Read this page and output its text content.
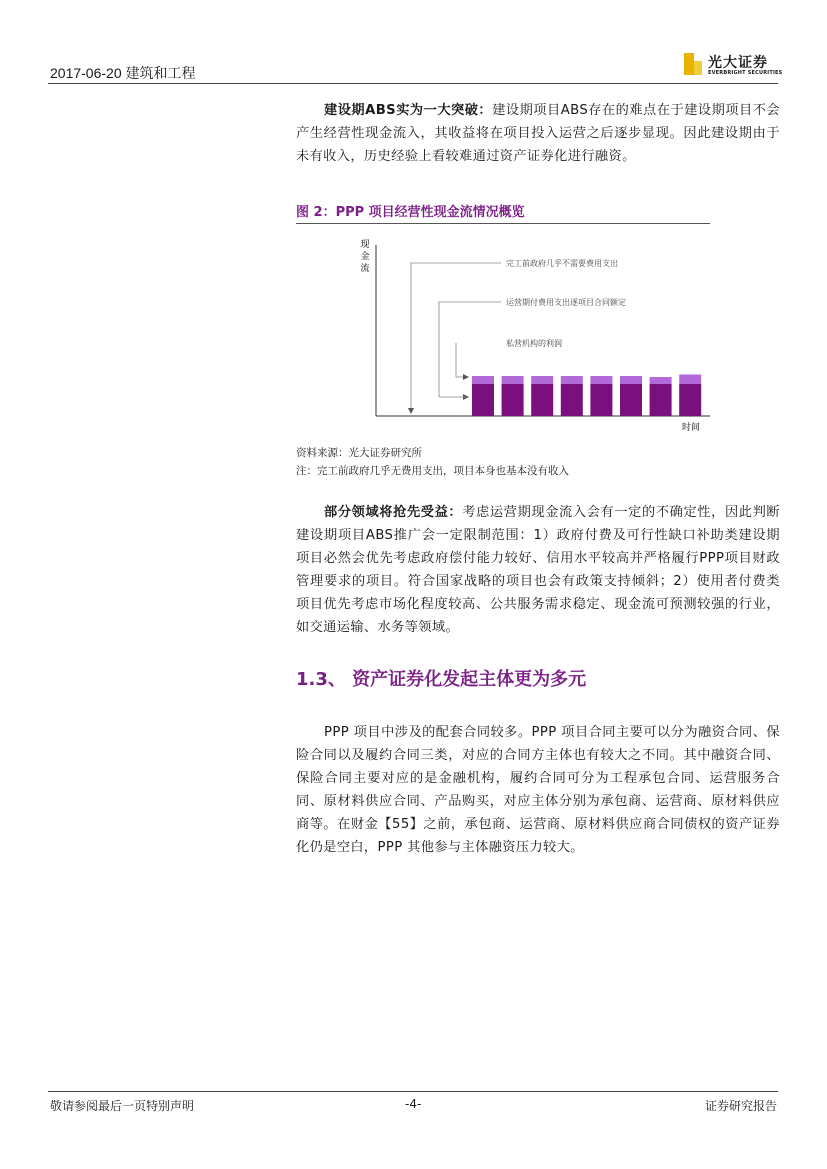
2017-06-20 建筑和工程
光大证券
EVERBRIGHT SECURITIES
建设期ABS实为一大突破：建设期项目ABS存在的难点在于建设期项目不会产生经营性现金流入，其收益将在项目投入运营之后逐步显现。因此建设期由于未有收入，历史经验上看较难通过资产证券化进行融资。
图 2：PPP 项目经营性现金流情况概览
现金流
时间
完工前政府几乎不需要费用支出
运营期付费用支出逐项目合同额定
私营机构的利润
资料来源：光大证券研究所
注：完工前政府几乎无费用支出，项目本身也基本没有收入
部分领域将抢先受益：考虑运营期现金流入会有一定的不确定性，因此判断建设期项目ABS推广会一定限制范围：1）政府付费及可行性缺口补助类建设期项目必然会优先考虑政府偿付能力较好、信用水平较高并严格履行PPP项目财政管理要求的项目。符合国家战略的项目也会有政策支持倾斜；2）使用者付费类项目优先考虑市场化程度较高、公共服务需求稳定、现金流可预测较强的行业，如交通运输、水务等领域。
1.3、 资产证券化发起主体更为多元
PPP 项目中涉及的配套合同较多。PPP 项目合同主要可以分为融资合同、保险合同以及履约合同三类，对应的合同方主体也有较大之不同。其中融资合同、保险合同主要对应的是金融机构，履约合同可分为工程承包合同、运营服务合同、原材料供应合同、产品购买，对应主体分别为承包商、运营商、原材料供应商等。在财金【55】之前，承包商、运营商、原材料供应商合同债权的资产证券化仍是空白，PPP 其他参与主体融资压力较大。
敬请参阅最后一页特别声明	-4-	证券研究报告
